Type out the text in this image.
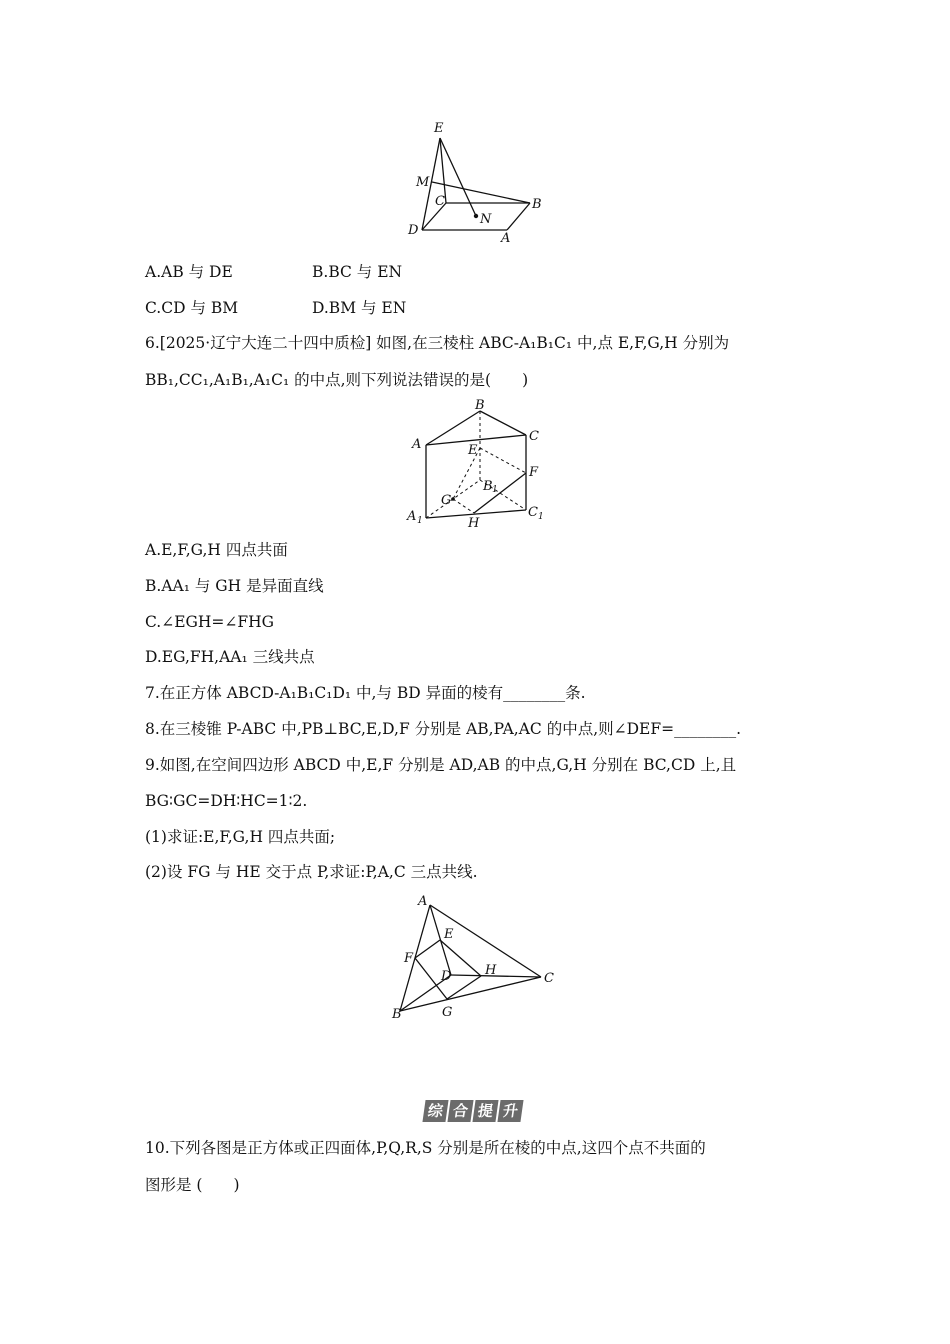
E
M
C	B
N
D
A
A.AB 与 DE	B.BC 与 EN
C.CD 与 BM	D.BM 与 EN
6.[2025·辽宁大连二十四中质检] 如图,在三棱柱 ABC-A₁B₁C₁ 中,点 E,F,G,H 分别为
BB₁,CC₁,A₁B₁,A₁C₁ 的中点,则下列说法错误的是(　　)
B
A
C
E
F
G
B 1
A 1	H
C 1
A.E,F,G,H 四点共面
B.AA₁ 与 GH 是异面直线
C.∠EGH=∠FHG
D.EG,FH,AA₁ 三线共点
7.在正方体 ABCD-A₁B₁C₁D₁ 中,与 BD 异面的棱有________条.
8.在三棱锥 P-ABC 中,PB⊥BC,E,D,F 分别是 AB,PA,AC 的中点,则∠DEF=________.
9.如图,在空间四边形 ABCD 中,E,F 分别是 AD,AB 的中点,G,H 分别在 BC,CD 上,且
BG∶GC=DH∶HC=1∶2.
(1)求证:E,F,G,H 四点共面;
(2)设 FG 与 HE 交于点 P,求证:P,A,C 三点共线.
A
E
F
D	H
C
B	G
综 合 提 升
10.下列各图是正方体或正四面体,P,Q,R,S 分别是所在棱的中点,这四个点不共面的
图形是 (　　)
